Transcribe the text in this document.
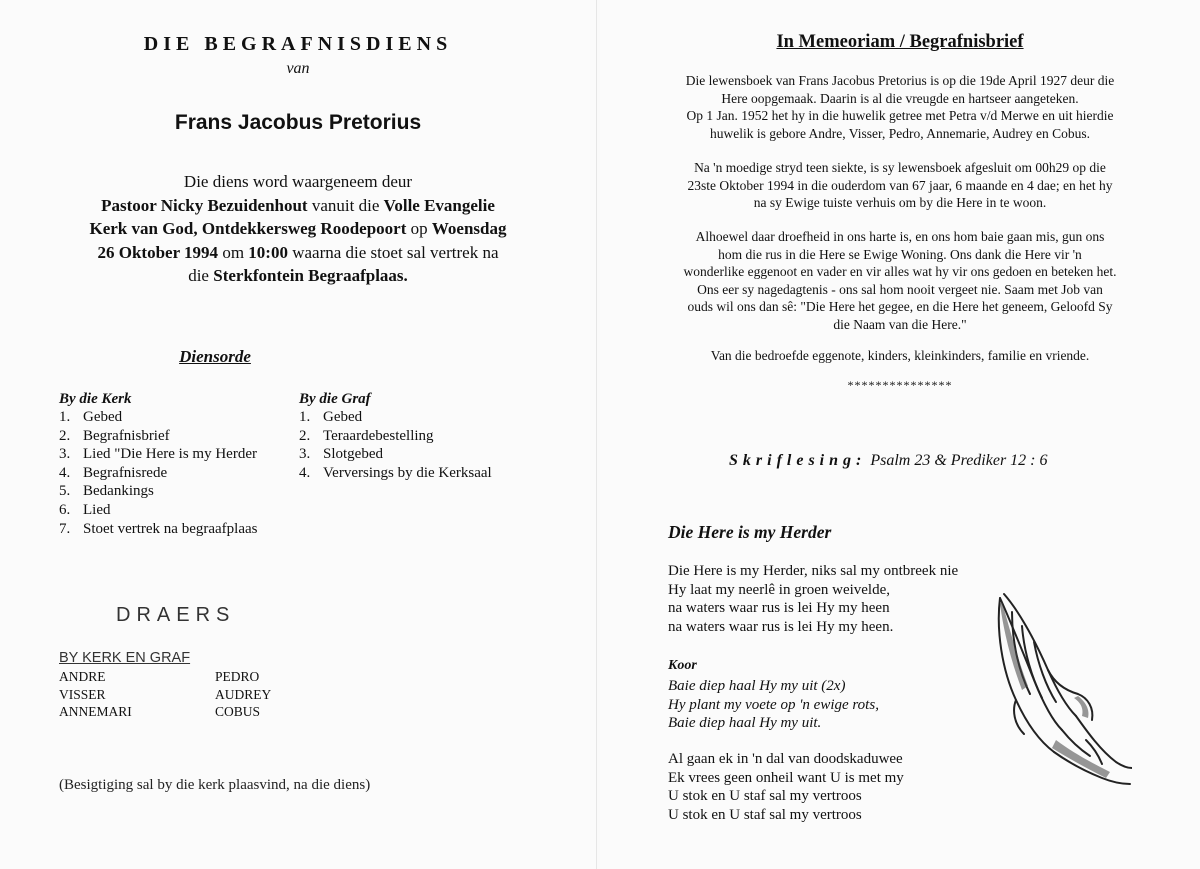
DIE BEGRAFNISDIENS
van
Frans Jacobus Pretorius
Die diens word waargeneem deur
Pastoor Nicky Bezuidenhout vanuit die Volle Evangelie
Kerk van God, Ontdekkersweg Roodepoort op Woensdag
26 Oktober 1994 om 10:00 waarna die stoet sal vertrek na
die Sterkfontein Begraafplaas.
Diensorde
By die Kerk
1. Gebed
2. Begrafnisbrief
3. Lied "Die Here is my Herder
4. Begrafnisrede
5. Bedankings
6. Lied
7. Stoet vertrek na begraafplaas
By die Graf
1. Gebed
2. Teraardebestelling
3. Slotgebed
4. Verversings by die Kerksaal
DRAERS
BY KERK EN GRAF
ANDRE
VISSER
ANNEMARI
PEDRO
AUDREY
COBUS
(Besigtiging sal by die kerk plaasvind, na die diens)
In Memeoriam / Begrafnisbrief
Die lewensboek van Frans Jacobus Pretorius is op die 19de April 1927 deur die
Here oopgemaak. Daarin is al die vreugde en hartseer aangeteken.
Op 1 Jan. 1952 het hy in die huwelik getree met Petra v/d Merwe en uit hierdie
huwelik is gebore Andre, Visser, Pedro, Annemarie, Audrey en Cobus.
Na 'n moedige stryd teen siekte, is sy lewensboek afgesluit om 00h29 op die
23ste Oktober 1994 in die ouderdom van 67 jaar, 6 maande en 4 dae; en het hy
na sy Ewige tuiste verhuis om by die Here in te woon.
Alhoewel daar droefheid in ons harte is, en ons hom baie gaan mis, gun ons
hom die rus in die Here se Ewige Woning. Ons dank die Here vir 'n
wonderlike eggenoot en vader en vir alles wat hy vir ons gedoen en beteken het.
Ons eer sy nagedagtenis - ons sal hom nooit vergeet nie. Saam met Job van
ouds wil ons dan sê: "Die Here het gegee, en die Here het geneem, Geloofd Sy
die Naam van die Here."
Van die bedroefde eggenote, kinders, kleinkinders, familie en vriende.
***************
Skriflesing: Psalm 23 & Prediker 12 : 6
Die Here is my Herder
Die Here is my Herder, niks sal my ontbreek nie
Hy laat my neerlê in groen weivelde,
na waters waar rus is lei Hy my heen
na waters waar rus is lei Hy my heen.
Koor
Baie diep haal Hy my uit (2x)
Hy plant my voete op 'n ewige rots,
Baie diep haal Hy my uit.
Al gaan ek in 'n dal van doodskaduwee
Ek vrees geen onheil want U is met my
U stok en U staf sal my vertroos
U stok en U staf sal my vertroos
